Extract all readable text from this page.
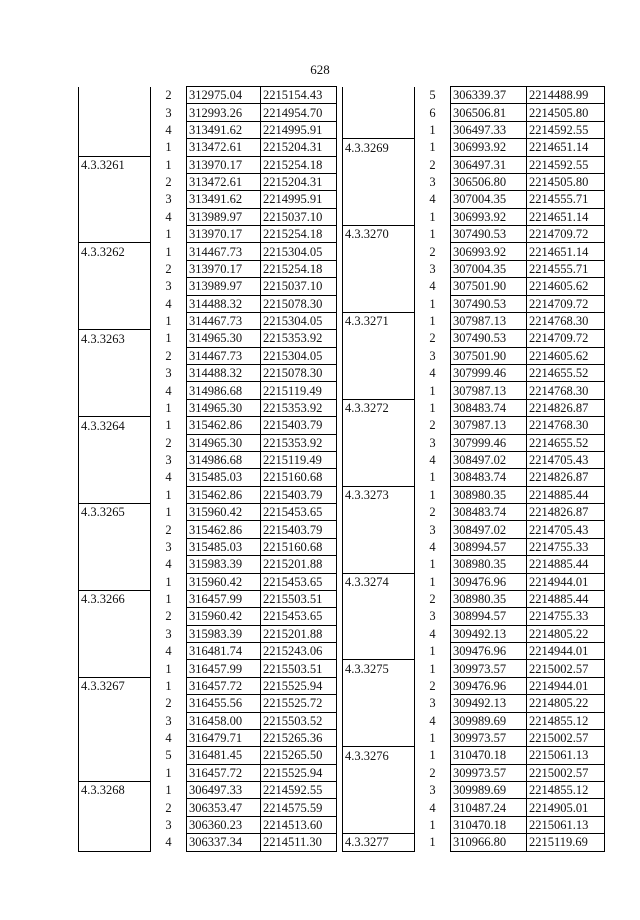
628
	2	312975.04	2215154.43
	3	312993.26	2214954.70
	4	313491.62	2214995.91
	1	313472.61	2215204.31
4.3.3261	1	313970.17	2215254.18
	2	313472.61	2215204.31
	3	313491.62	2214995.91
	4	313989.97	2215037.10
	1	313970.17	2215254.18
4.3.3262	1	314467.73	2215304.05
	2	313970.17	2215254.18
	3	313989.97	2215037.10
	4	314488.32	2215078.30
	1	314467.73	2215304.05
4.3.3263	1	314965.30	2215353.92
	2	314467.73	2215304.05
	3	314488.32	2215078.30
	4	314986.68	2215119.49
	1	314965.30	2215353.92
4.3.3264	1	315462.86	2215403.79
	2	314965.30	2215353.92
	3	314986.68	2215119.49
	4	315485.03	2215160.68
	1	315462.86	2215403.79
4.3.3265	1	315960.42	2215453.65
	2	315462.86	2215403.79
	3	315485.03	2215160.68
	4	315983.39	2215201.88
	1	315960.42	2215453.65
4.3.3266	1	316457.99	2215503.51
	2	315960.42	2215453.65
	3	315983.39	2215201.88
	4	316481.74	2215243.06
	1	316457.99	2215503.51
4.3.3267	1	316457.72	2215525.94
	2	316455.56	2215525.72
	3	316458.00	2215503.52
	4	316479.71	2215265.36
	5	316481.45	2215265.50
	1	316457.72	2215525.94
4.3.3268	1	306497.33	2214592.55
	2	306353.47	2214575.59
	3	306360.23	2214513.60
	4	306337.34	2214511.30
	5	306339.37	2214488.99
	6	306506.81	2214505.80
	1	306497.33	2214592.55
4.3.3269	1	306993.92	2214651.14
	2	306497.31	2214592.55
	3	306506.80	2214505.80
	4	307004.35	2214555.71
	1	306993.92	2214651.14
4.3.3270	1	307490.53	2214709.72
	2	306993.92	2214651.14
	3	307004.35	2214555.71
	4	307501.90	2214605.62
	1	307490.53	2214709.72
4.3.3271	1	307987.13	2214768.30
	2	307490.53	2214709.72
	3	307501.90	2214605.62
	4	307999.46	2214655.52
	1	307987.13	2214768.30
4.3.3272	1	308483.74	2214826.87
	2	307987.13	2214768.30
	3	307999.46	2214655.52
	4	308497.02	2214705.43
	1	308483.74	2214826.87
4.3.3273	1	308980.35	2214885.44
	2	308483.74	2214826.87
	3	308497.02	2214705.43
	4	308994.57	2214755.33
	1	308980.35	2214885.44
4.3.3274	1	309476.96	2214944.01
	2	308980.35	2214885.44
	3	308994.57	2214755.33
	4	309492.13	2214805.22
	1	309476.96	2214944.01
4.3.3275	1	309973.57	2215002.57
	2	309476.96	2214944.01
	3	309492.13	2214805.22
	4	309989.69	2214855.12
	1	309973.57	2215002.57
4.3.3276	1	310470.18	2215061.13
	2	309973.57	2215002.57
	3	309989.69	2214855.12
	4	310487.24	2214905.01
	1	310470.18	2215061.13
4.3.3277	1	310966.80	2215119.69
